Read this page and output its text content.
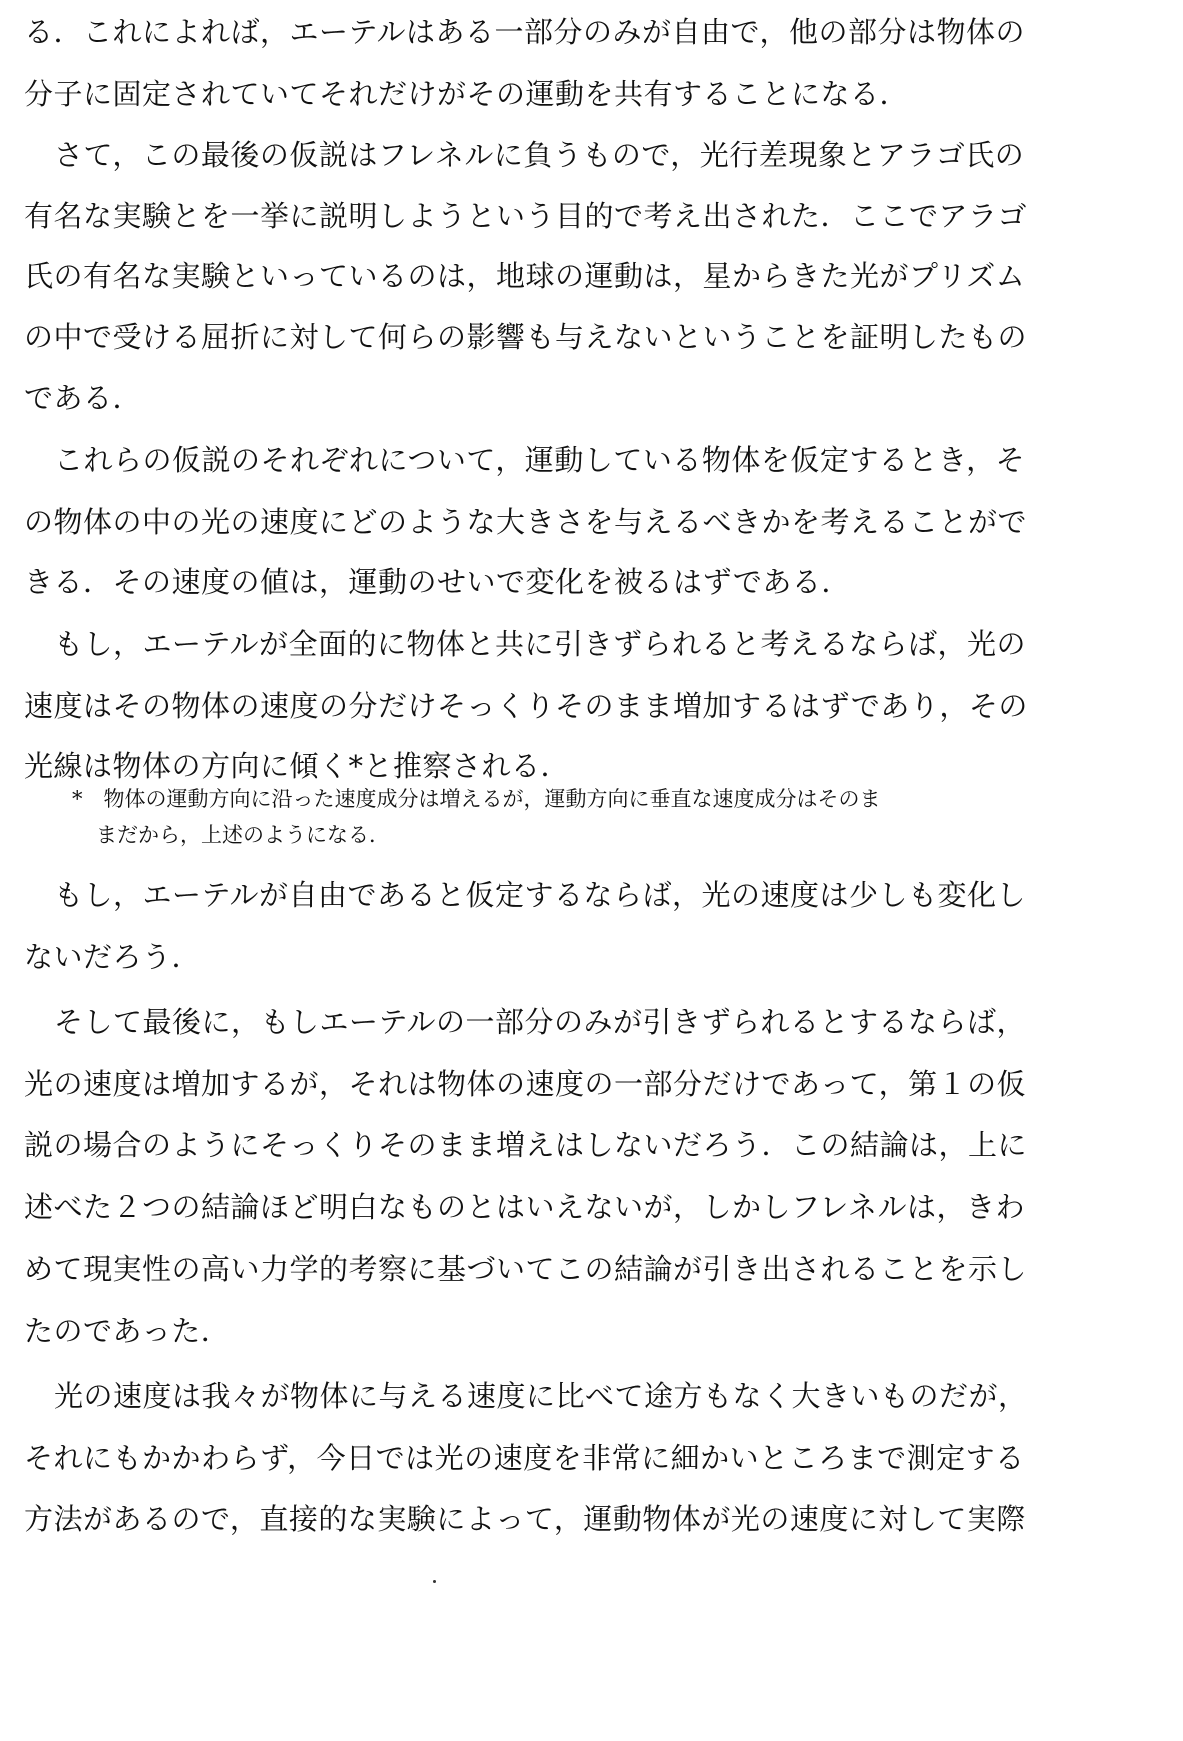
る．これによれば，エーテルはある一部分のみが自由で，他の部分は物体の
分子に固定されていてそれだけがその運動を共有することになる．
さて，この最後の仮説はフレネルに負うもので，光行差現象とアラゴ氏の
有名な実験とを一挙に説明しようという目的で考え出された．ここでアラゴ
氏の有名な実験といっているのは，地球の運動は，星からきた光がプリズム
の中で受ける屈折に対して何らの影響も与えないということを証明したもの
である．
これらの仮説のそれぞれについて，運動している物体を仮定するとき，そ
の物体の中の光の速度にどのような大きさを与えるべきかを考えることがで
きる．その速度の値は，運動のせいで変化を被るはずである．
もし，エーテルが全面的に物体と共に引きずられると考えるならば，光の
速度はその物体の速度の分だけそっくりそのまま増加するはずであり，その
光線は物体の方向に傾く*と推察される．
*　物体の運動方向に沿った速度成分は増えるが，運動方向に垂直な速度成分はそのま
まだから，上述のようになる．
もし，エーテルが自由であると仮定するならば，光の速度は少しも変化し
ないだろう．
そして最後に，もしエーテルの一部分のみが引きずられるとするならば，
光の速度は増加するが，それは物体の速度の一部分だけであって，第１の仮
説の場合のようにそっくりそのまま増えはしないだろう．この結論は，上に
述べた２つの結論ほど明白なものとはいえないが，しかしフレネルは，きわ
めて現実性の高い力学的考察に基づいてこの結論が引き出されることを示し
たのであった．
光の速度は我々が物体に与える速度に比べて途方もなく大きいものだが，
それにもかかわらず，今日では光の速度を非常に細かいところまで測定する
方法があるので，直接的な実験によって，運動物体が光の速度に対して実際
